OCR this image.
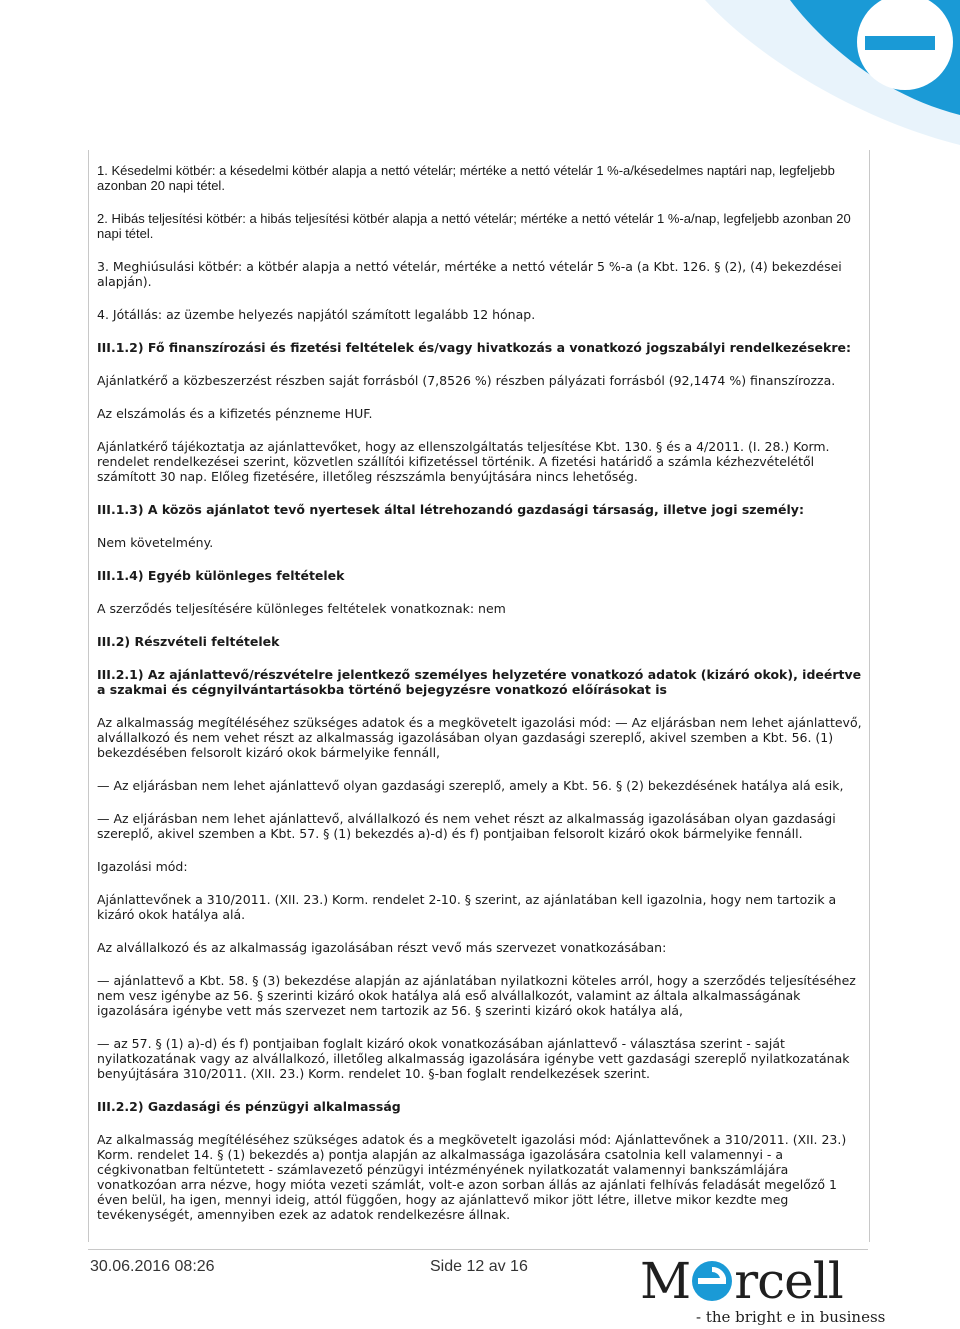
1. Késedelmi kötbér: a késedelmi kötbér alapja a nettó vételár; mértéke a nettó vételár 1 %-a/késedelmes naptári nap, legfeljebb azonban 20 napi tétel.

2. Hibás teljesítési kötbér: a hibás teljesítési kötbér alapja a nettó vételár; mértéke a nettó vételár 1 %-a/nap, legfeljebb azonban 20 napi tétel.

3. Meghiúsulási kötbér: a kötbér alapja a nettó vételár, mértéke a nettó vételár 5 %-a (a Kbt. 126. § (2), (4) bekezdései alapján).

4. Jótállás: az üzembe helyezés napjától számított legalább 12 hónap.

III.1.2) Fő finanszírozási és fizetési feltételek és/vagy hivatkozás a vonatkozó jogszabályi rendelkezésekre:

Ajánlatkérő a közbeszerzést részben saját forrásból (7,8526 %) részben pályázati forrásból (92,1474 %) finanszírozza.

Az elszámolás és a kifizetés pénzneme HUF.

Ajánlatkérő tájékoztatja az ajánlattevőket, hogy az ellenszolgáltatás teljesítése Kbt. 130. § és a 4/2011. (I. 28.) Korm. rendelet rendelkezései szerint, közvetlen szállítói kifizetéssel történik. A fizetési határidő a számla kézhezvételétől számított 30 nap. Előleg fizetésére, illetőleg részszámla benyújtására nincs lehetőség.

III.1.3) A közös ajánlatot tevő nyertesek által létrehozandó gazdasági társaság, illetve jogi személy:

Nem követelmény.

III.1.4) Egyéb különleges feltételek

A szerződés teljesítésére különleges feltételek vonatkoznak: nem

III.2) Részvételi feltételek

III.2.1) Az ajánlattevő/részvételre jelentkező személyes helyzetére vonatkozó adatok (kizáró okok), ideértve a szakmai és cégnyilvántartásokba történő bejegyzésre vonatkozó előírásokat is

Az alkalmasság megítéléséhez szükséges adatok és a megkövetelt igazolási mód: — Az eljárásban nem lehet ajánlattevő, alvállalkozó és nem vehet részt az alkalmasság igazolásában olyan gazdasági szereplő, akivel szemben a Kbt. 56. (1) bekezdésében felsorolt kizáró okok bármelyike fennáll,

— Az eljárásban nem lehet ajánlattevő olyan gazdasági szereplő, amely a Kbt. 56. § (2) bekezdésének hatálya alá esik,

— Az eljárásban nem lehet ajánlattevő, alvállalkozó és nem vehet részt az alkalmasság igazolásában olyan gazdasági szereplő, akivel szemben a Kbt. 57. § (1) bekezdés a)-d) és f) pontjaiban felsorolt kizáró okok bármelyike fennáll.

Igazolási mód:

Ajánlattevőnek a 310/2011. (XII. 23.) Korm. rendelet 2-10. § szerint, az ajánlatában kell igazolnia, hogy nem tartozik a kizáró okok hatálya alá.

Az alvállalkozó és az alkalmasság igazolásában részt vevő más szervezet vonatkozásában:

— ajánlattevő a Kbt. 58. § (3) bekezdése alapján az ajánlatában nyilatkozni köteles arról, hogy a szerződés teljesítéséhez nem vesz igénybe az 56. § szerinti kizáró okok hatálya alá eső alvállalkozót, valamint az általa alkalmasságának igazolására igénybe vett más szervezet nem tartozik az 56. § szerinti kizáró okok hatálya alá,

— az 57. § (1) a)-d) és f) pontjaiban foglalt kizáró okok vonatkozásában ajánlattevő - választása szerint - saját nyilatkozatának vagy az alvállalkozó, illetőleg alkalmasság igazolására igénybe vett gazdasági szereplő nyilatkozatának benyújtására 310/2011. (XII. 23.) Korm. rendelet 10. §-ban foglalt rendelkezések szerint.

III.2.2) Gazdasági és pénzügyi alkalmasság

Az alkalmasság megítéléséhez szükséges adatok és a megkövetelt igazolási mód: Ajánlattevőnek a 310/2011. (XII. 23.) Korm. rendelet 14. § (1) bekezdés a) pontja alapján az alkalmassága igazolására csatolnia kell valamennyi - a cégkivonatban feltüntetett - számlavezető pénzügyi intézményének nyilatkozatát valamennyi bankszámlájára vonatkozóan arra nézve, hogy mióta vezeti számlát, volt-e azon sorban állás az ajánlati felhívás feladását megelőző 1 éven belül, ha igen, mennyi ideig, attól függően, hogy az ajánlattevő mikor jött létre, illetve mikor kezdte meg tevékenységét, amennyiben ezek az adatok rendelkezésre állnak.

30.06.2016 08:26	Side 12 av 16 M rcell
- the bright e in business
